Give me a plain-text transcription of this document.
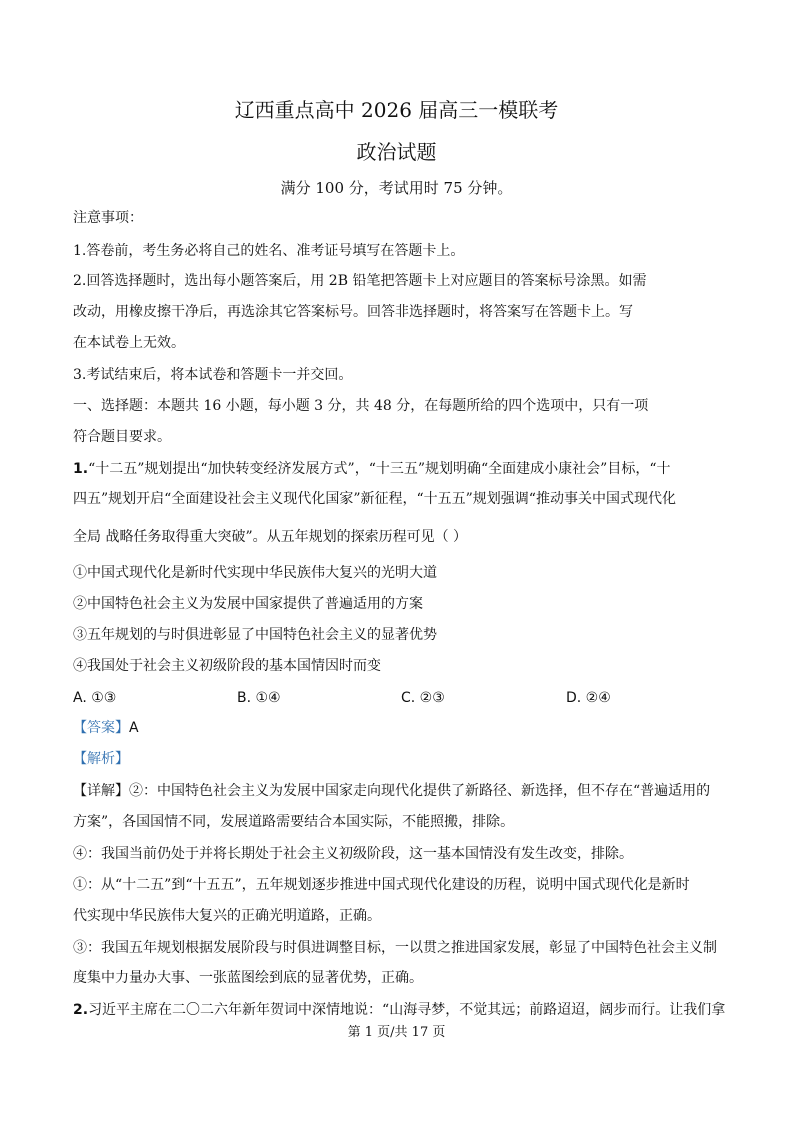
辽西重点高中 2026 届高三一模联考
政治试题
满分 100 分，考试用时 75 分钟。
注意事项：
1.答卷前，考生务必将自己的姓名、准考证号填写在答题卡上。
2.回答选择题时，选出每小题答案后，用 2B 铅笔把答题卡上对应题目的答案标号涂黑。如需
改动，用橡皮擦干净后，再选涂其它答案标号。回答非选择题时，将答案写在答题卡上。写
在本试卷上无效。
3.考试结束后，将本试卷和答题卡一并交回。
一、选择题：本题共 16 小题，每小题 3 分，共 48 分，在每题所给的四个选项中，只有一项
符合题目要求。
1.“十二五”规划提出“加快转变经济发展方式”，“十三五”规划明确“全面建成小康社会”目标，“十
四五”规划开启“全面建设社会主义现代化国家”新征程，“十五五”规划强调“推动事关中国式现代化
全局 战略任务取得重大突破”。从五年规划的探索历程可见（ ）
①中国式现代化是新时代实现中华民族伟大复兴的光明大道
②中国特色社会主义为发展中国家提供了普遍适用的方案
③五年规划的与时俱进彰显了中国特色社会主义的显著优势
④我国处于社会主义初级阶段的基本国情因时而变
A. ①③	B. ①④	C. ②③	D. ②④
【答案】A
【解析】
【详解】②：中国特色社会主义为发展中国家走向现代化提供了新路径、新选择，但不存在“普遍适用的
方案”，各国国情不同，发展道路需要结合本国实际，不能照搬，排除。
④：我国当前仍处于并将长期处于社会主义初级阶段，这一基本国情没有发生改变，排除。
①：从“十二五”到“十五五”，五年规划逐步推进中国式现代化建设的历程，说明中国式现代化是新时
代实现中华民族伟大复兴的正确光明道路，正确。
③：我国五年规划根据发展阶段与时俱进调整目标，一以贯之推进国家发展，彰显了中国特色社会主义制
度集中力量办大事、一张蓝图绘到底的显著优势，正确。
2.习近平主席在二〇二六年新年贺词中深情地说：“山海寻梦，不觉其远；前路迢迢，阔步而行。让我们拿
第 1 页/共 17 页
